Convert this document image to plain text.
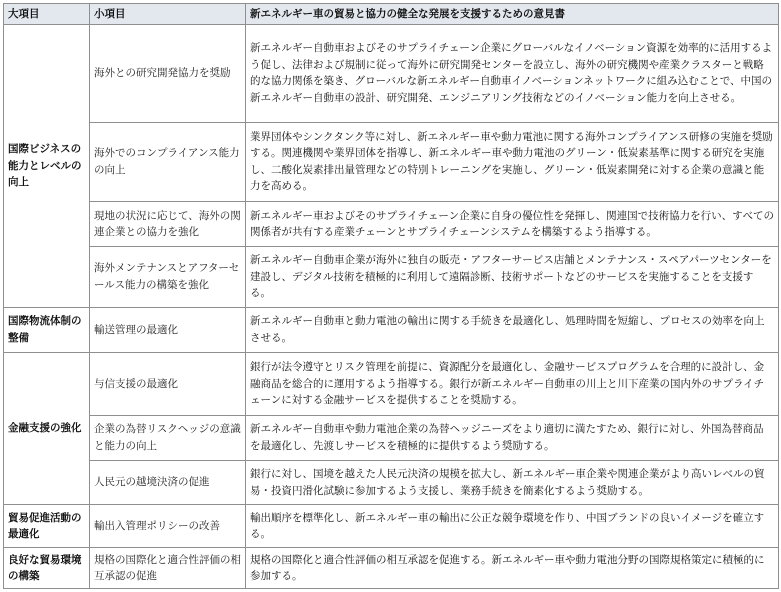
大項目	小項目	新エネルギー車の貿易と協力の健全な発展を支援するための意見書
国際ビジネスの能力とレベルの向上	海外との研究開発協力を奨励	新エネルギー自動車およびそのサプライチェーン企業にグローバルなイノベーション資源を効率的に活用するよう促し、法律および規制に従って海外に研究開発センターを設立し、海外の研究機関や産業クラスターと戦略的な協力関係を築き、グローバルな新エネルギー自動車イノベーションネットワークに組み込むことで、中国の新エネルギー自動車の設計、研究開発、エンジニアリング技術などのイノベーション能力を向上させる。
	海外でのコンプライアンス能力の向上	業界団体やシンクタンク等に対し、新エネルギー車や動力電池に関する海外コンプライアンス研修の実施を奨励する。関連機関や業界団体を指導し、新エネルギー車や動力電池のグリーン・低炭素基準に関する研究を実施し、二酸化炭素排出量管理などの特別トレーニングを実施し、グリーン・低炭素開発に対する企業の意識と能力を高める。
	現地の状況に応じて、海外の関連企業との協力を強化	新エネルギー車およびそのサプライチェーン企業に自身の優位性を発揮し、関連国で技術協力を行い、すべての関係者が共有する産業チェーンとサプライチェーンシステムを構築するよう指導する。
	海外メンテナンスとアフターセールス能力の構築を強化	新エネルギー自動車企業が海外に独自の販売・アフターサービス店舗とメンテナンス・スペアパーツセンターを建設し、デジタル技術を積極的に利用して遠隔診断、技術サポートなどのサービスを実施することを支援する。
国際物流体制の整備	輸送管理の最適化	新エネルギー自動車と動力電池の輸出に関する手続きを最適化し、処理時間を短縮し、プロセスの効率を向上させる。
金融支援の強化	与信支援の最適化	銀行が法令遵守とリスク管理を前提に、資源配分を最適化し、金融サービスプログラムを合理的に設計し、金融商品を総合的に運用するよう指導する。銀行が新エネルギー自動車の川上と川下産業の国内外のサプライチェーンに対する金融サービスを提供することを奨励する。
	企業の為替リスクヘッジの意識と能力の向上	新エネルギー自動車や動力電池企業の為替ヘッジニーズをより適切に満たすため、銀行に対し、外国為替商品を最適化し、先渡しサービスを積極的に提供するよう奨励する。
	人民元の越境決済の促進	銀行に対し、国境を越えた人民元決済の規模を拡大し、新エネルギー車企業や関連企業がより高いレベルの貿易・投資円滑化試験に参加するよう支援し、業務手続きを簡素化するよう奨励する。
貿易促進活動の最適化	輸出入管理ポリシーの改善	輸出順序を標準化し、新エネルギー車の輸出に公正な競争環境を作り、中国ブランドの良いイメージを確立する。
良好な貿易環境の構築	規格の国際化と適合性評価の相互承認の促進	規格の国際化と適合性評価の相互承認を促進する。新エネルギー車や動力電池分野の国際規格策定に積極的に参加する。
